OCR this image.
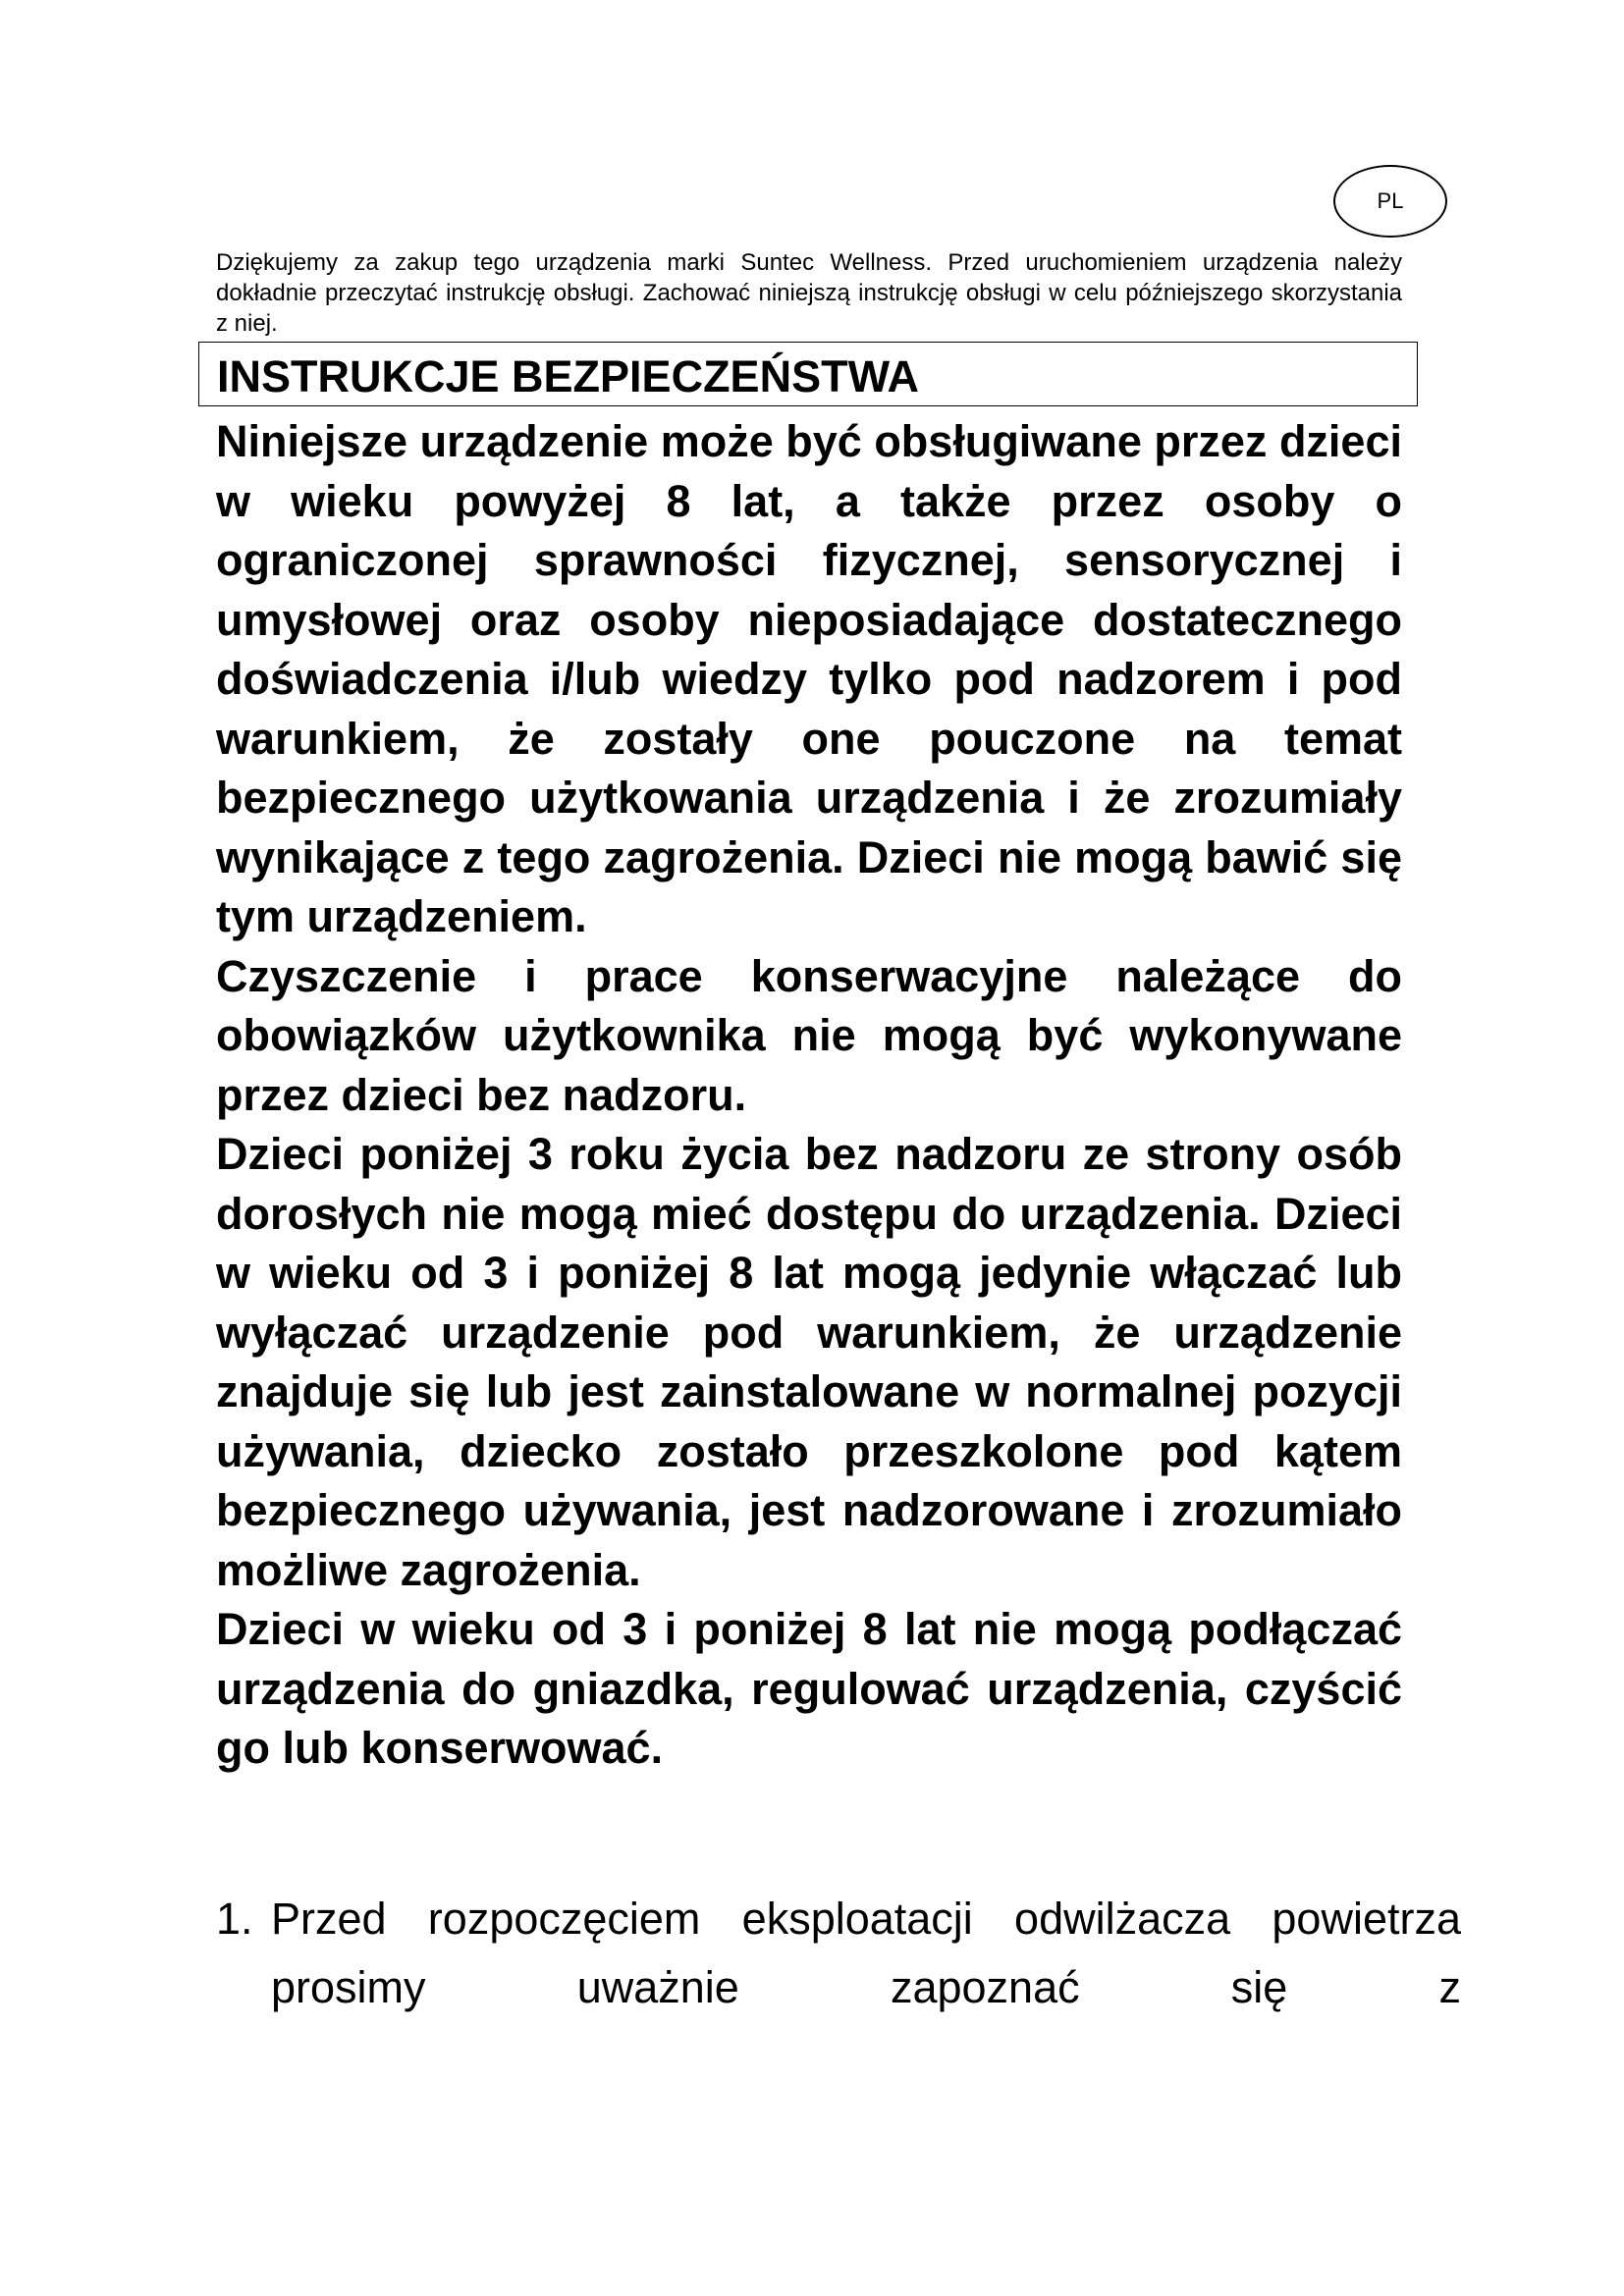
PL
Dziękujemy za zakup tego urządzenia marki Suntec Wellness. Przed uruchomieniem urządzenia należy dokładnie przeczytać instrukcję obsługi. Zachować niniejszą instrukcję obsługi w celu późniejszego skorzystania z niej.
INSTRUKCJE BEZPIECZEŃSTWA

Niniejsze urządzenie może być obsługiwane przez dzieci w wieku powyżej 8 lat, a także przez osoby o ograniczonej sprawności fizycznej, sensorycznej i umysłowej oraz osoby nieposiadające dostatecznego doświadczenia i/lub wiedzy tylko pod nadzorem i pod warunkiem, że zostały one pouczone na temat bezpiecznego użytkowania urządzenia i że zrozumiały wynikające z tego zagrożenia. Dzieci nie mogą bawić się tym urządzeniem.

Czyszczenie i prace konserwacyjne należące do obowiązków użytkownika nie mogą być wykonywane przez dzieci bez nadzoru.

Dzieci poniżej 3 roku życia bez nadzoru ze strony osób dorosłych nie mogą mieć dostępu do urządzenia. Dzieci w wieku od 3 i poniżej 8 lat mogą jedynie włączać lub wyłączać urządzenie pod warunkiem, że urządzenie znajduje się lub jest zainstalowane w normalnej pozycji używania, dziecko zostało przeszkolone pod kątem bezpiecznego używania, jest nadzorowane i zrozumiało możliwe zagrożenia.

Dzieci w wieku od 3 i poniżej 8 lat nie mogą podłączać urządzenia do gniazdka, regulować urządzenia, czyścić go lub konserwować.

1. Przed rozpoczęciem eksploatacji odwilżacza powietrza prosimy uważnie zapoznać się z
